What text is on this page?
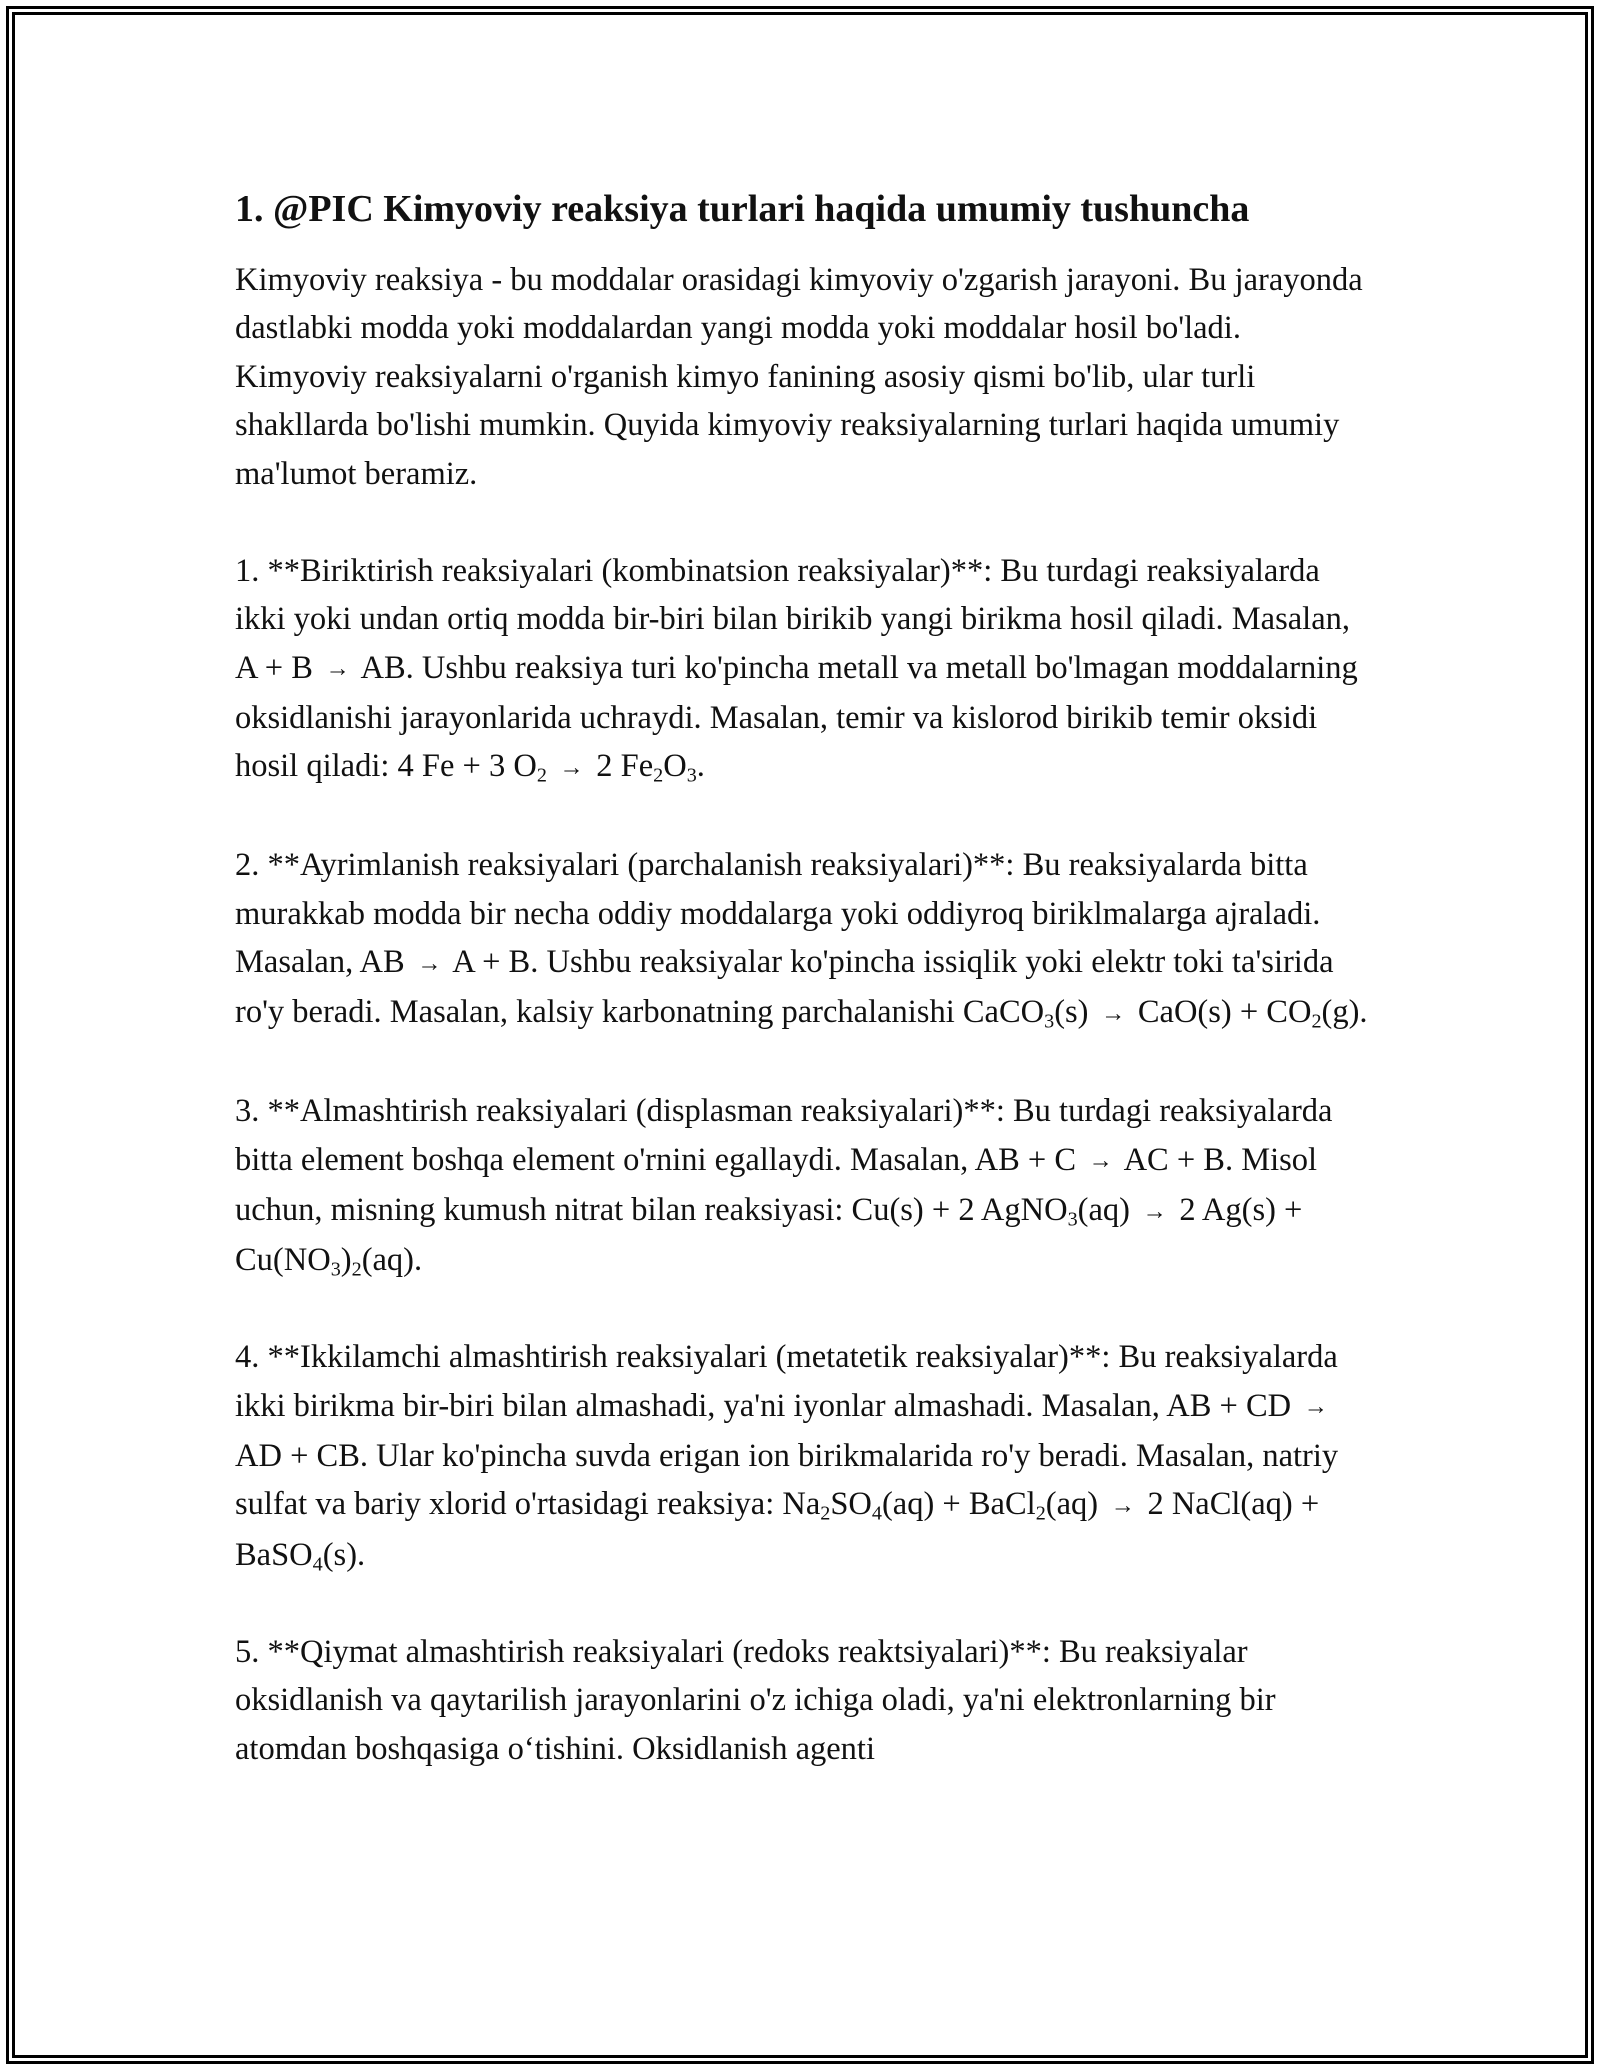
1. @PIC Kimyoviy reaksiya turlari haqida umumiy tushuncha

Kimyoviy reaksiya - bu moddalar orasidagi kimyoviy o'zgarish jarayoni. Bu jarayonda dastlabki modda yoki moddalardan yangi modda yoki moddalar hosil bo'ladi. Kimyoviy reaksiyalarni o'rganish kimyo fanining asosiy qismi bo'lib, ular turli shakllarda bo'lishi mumkin. Quyida kimyoviy reaksiyalarning turlari haqida umumiy ma'lumot beramiz.

1. **Biriktirish reaksiyalari (kombinatsion reaksiyalar)**: Bu turdagi reaksiyalarda ikki yoki undan ortiq modda bir-biri bilan birikib yangi birikma hosil qiladi. Masalan, A + B → AB. Ushbu reaksiya turi ko'pincha metall va metall bo'lmagan moddalarning oksidlanishi jarayonlarida uchraydi. Masalan, temir va kislorod birikib temir oksidi hosil qiladi: 4 Fe + 3 $O_2 \to 2$ $Fe_2O_3$.

2. **Ayrimlanish reaksiyalari (parchalanish reaksiyalari)**: Bu reaksiyalarda bitta murakkab modda bir necha oddiy moddalarga yoki oddiyroq biriklmalarga ajraladi. Masalan, AB → A + B. Ushbu reaksiyalar ko'pincha issiqlik yoki elektr toki ta'sirida ro'y beradi. Masalan, kalsiy karbonatning parchalanishi CaCO$_3$(s) → $CaO(s) + CO_2(g)$.

3. **Almashtirish reaksiyalari (displasman reaksiyalari)**: Bu turdagi reaksiyalarda bitta element boshqa element o'rnini egallaydi. Masalan, AB + C → AC + B. Misol uchun, misning kumush nitrat bilan reaksiyasi: Cu(s) + 2 AgNO$_3$(aq) → 2 $Ag(s) + Cu(NO_3)_2(aq)$.

4. **Ikkilamchi almashtirish reaksiyalari (metatetik reaksiyalar)**: Bu reaksiyalarda ikki birikma bir-biri bilan almashadi, ya'ni iyonlar almashadi. Masalan, AB + CD → AD + CB. Ular ko'pincha suvda erigan ion birikmalarida ro'y beradi. Masalan, natriy sulfat va bariy xlorid o'rtasidagi reaksiya: $Na_2SO_4(aq)$ + BaCl$_2$(aq) → 2 NaCl(aq) + BaSO$_4$(s).

5. **Qiymat almashtirish reaksiyalari (redoks reaktsiyalari)**: Bu reaksiyalar oksidlanish va qaytarilish jarayonlarini o'z ichiga oladi, ya'ni elektronlarning bir atomdan boshqasiga o‘tishini. Oksidlanish agenti
